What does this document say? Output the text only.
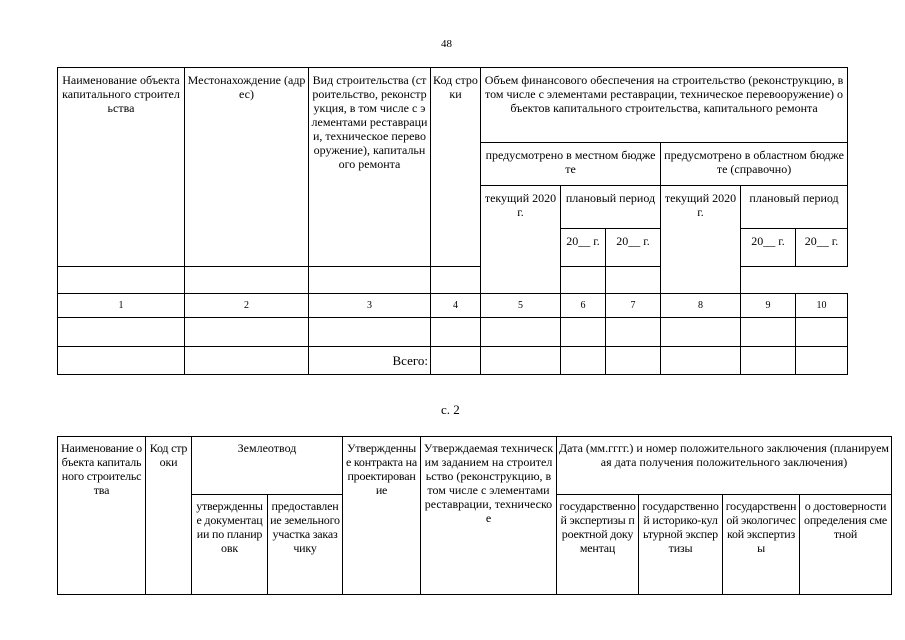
48
Наименование объекта капитального строительства	Местонахождение (адрес)	Вид строительства (строительство, реконструкция, в том числе с элементами реставрации, техническое перевооружение), капитального ремонта	Код строки	Объем финансового обеспечения на строительство (реконструкцию, в том числе с элементами реставрации, техническое перевооружение) объектов капитального строительства, капитального ремонта					
				предусмотрено в местном бюджете			предусмотрено в областном бюджете (справочно)		
				текущий 2020 г.	плановый период		текущий 2020 г.	плановый период	
					20__ г.	20__ г.		20__ г.	20__ г.

1	2	3	4	5	6	7	8	9	10

		Всего:							
с. 2
Наименование объекта капитального строительства	Код строки	Землеотвод		Утвержденные контракта на проектирование	Утверждаемая техническим заданием на строительство (реконструкцию, в том числе с элементами реставрации, техническое	Дата (мм.гггг.) и номер положительного заключения (планируемая дата получения положительного заключения)			
		утвержденные документации по планировк	предоставление земельного участка заказчику			государственной экспертизы проектной документац	государственной историко-культурной экспертизы	государственной экологической экспертизы	о достоверности определения сметной
